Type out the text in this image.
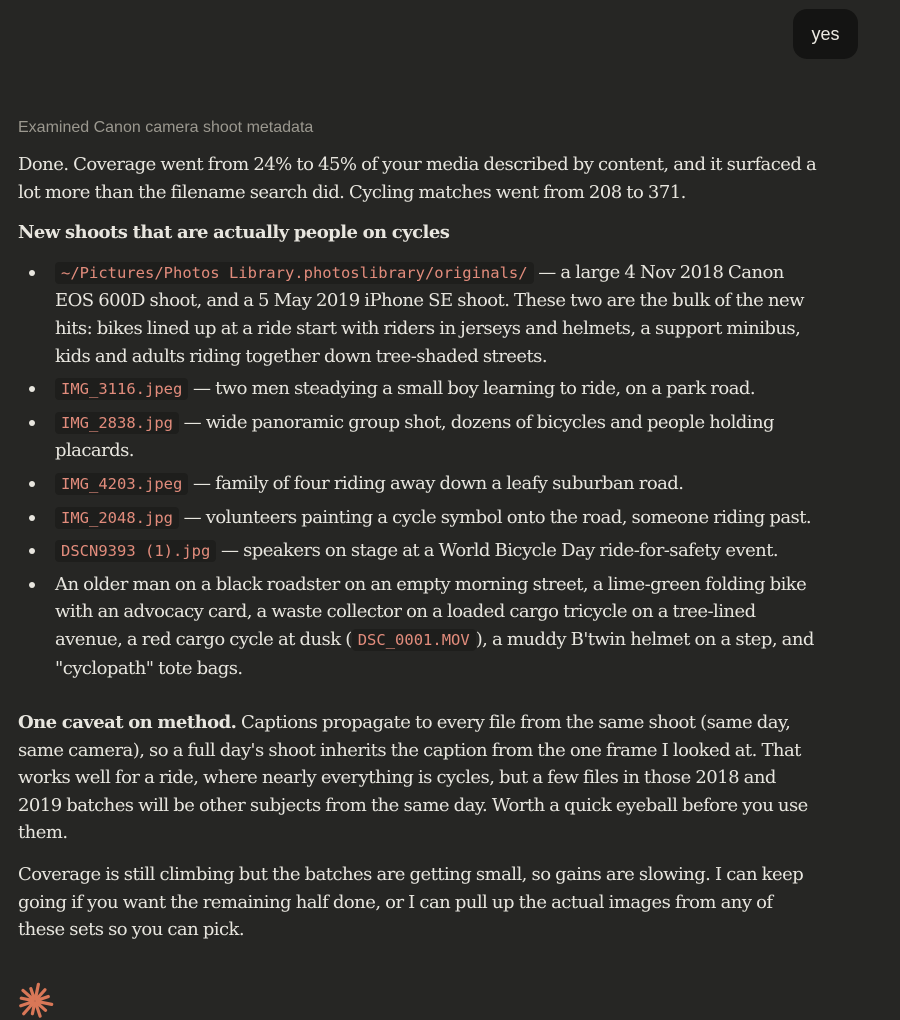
yes
Examined Canon camera shoot metadata

Done. Coverage went from 24% to 45% of your media described by content, and it surfaced a lot more than the filename search did. Cycling matches went from 208 to 371.

New shoots that are actually people on cycles

~/Pictures/Photos Library.photoslibrary/originals/ — a large 4 Nov 2018 Canon EOS 600D shoot, and a 5 May 2019 iPhone SE shoot. These two are the bulk of the new hits: bikes lined up at a ride start with riders in jerseys and helmets, a support minibus, kids and adults riding together down tree-shaded streets.
IMG_3116.jpeg — two men steadying a small boy learning to ride, on a park road.
IMG_2838.jpg — wide panoramic group shot, dozens of bicycles and people holding placards.
IMG_4203.jpeg — family of four riding away down a leafy suburban road.
IMG_2048.jpg — volunteers painting a cycle symbol onto the road, someone riding past.
DSCN9393 (1).jpg — speakers on stage at a World Bicycle Day ride-for-safety event.
An older man on a black roadster on an empty morning street, a lime-green folding bike with an advocacy card, a waste collector on a loaded cargo tricycle on a tree-lined avenue, a red cargo cycle at dusk ( DSC_0001.MOV ), a muddy B'twin helmet on a step, and "cyclopath" tote bags.

One caveat on method. Captions propagate to every file from the same shoot (same day, same camera), so a full day's shoot inherits the caption from the one frame I looked at. That works well for a ride, where nearly everything is cycles, but a few files in those 2018 and 2019 batches will be other subjects from the same day. Worth a quick eyeball before you use them.

Coverage is still climbing but the batches are getting small, so gains are slowing. I can keep going if you want the remaining half done, or I can pull up the actual images from any of these sets so you can pick.
